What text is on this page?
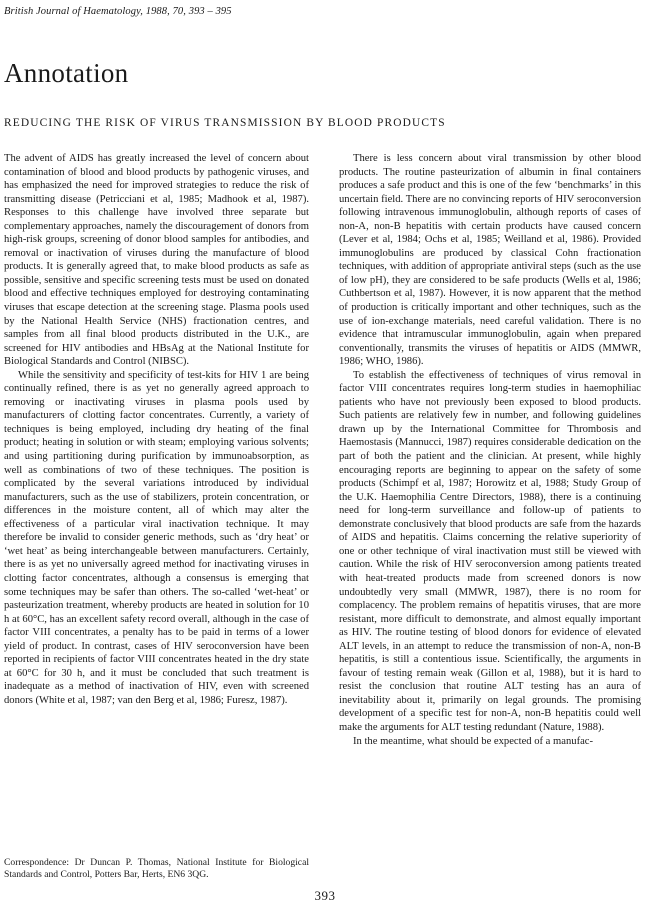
British Journal of Haematology, 1988, 70, 393 – 395
Annotation
REDUCING THE RISK OF VIRUS TRANSMISSION BY BLOOD PRODUCTS

The advent of AIDS has greatly increased the level of concern about contamination of blood and blood products by pathogenic viruses, and has emphasized the need for improved strategies to reduce the risk of transmitting disease (Petricciani et al, 1985; Madhook et al, 1987). Responses to this challenge have involved three separate but complementary approaches, namely the discouragement of donors from high-risk groups, screening of donor blood samples for antibodies, and removal or inactivation of viruses during the manufacture of blood products. It is generally agreed that, to make blood products as safe as possible, sensitive and specific screening tests must be used on donated blood and effective techniques employed for destroying contaminating viruses that escape detection at the screening stage. Plasma pools used by the National Health Service (NHS) fractionation centres, and samples from all final blood products distributed in the U.K., are screened for HIV antibodies and HBsAg at the National Institute for Biological Standards and Control (NIBSC).

While the sensitivity and specificity of test-kits for HIV 1 are being continually refined, there is as yet no generally agreed approach to removing or inactivating viruses in plasma pools used by manufacturers of clotting factor concentrates. Currently, a variety of techniques is being employed, including dry heating of the final product; heating in solution or with steam; employing various solvents; and using partitioning during purification by immunoabsorption, as well as combinations of two of these techniques. The position is complicated by the several variations introduced by individual manufacturers, such as the use of stabilizers, protein concentration, or differences in the moisture content, all of which may alter the effectiveness of a particular viral inactivation technique. It may therefore be invalid to consider generic methods, such as ‘dry heat’ or ‘wet heat’ as being interchangeable between manufacturers. Certainly, there is as yet no universally agreed method for inactivating viruses in clotting factor concentrates, although a consensus is emerging that some techniques may be safer than others. The so-called ‘wet-heat’ or pasteurization treatment, whereby products are heated in solution for 10 h at 60°C, has an excellent safety record overall, although in the case of factor VIII concentrates, a penalty has to be paid in terms of a lower yield of product. In contrast, cases of HIV seroconversion have been reported in recipients of factor VIII concentrates heated in the dry state at 60°C for 30 h, and it must be concluded that such treatment is inadequate as a method of inactivation of HIV, even with screened donors (White et al, 1987; van den Berg et al, 1986; Furesz, 1987).

Correspondence: Dr Duncan P. Thomas, National Institute for Biological Standards and Control, Potters Bar, Herts, EN6 3QG.

There is less concern about viral transmission by other blood products. The routine pasteurization of albumin in final containers produces a safe product and this is one of the few ‘benchmarks’ in this uncertain field. There are no convincing reports of HIV seroconversion following intravenous immunoglobulin, although reports of cases of non-A, non-B hepatitis with certain products have caused concern (Lever et al, 1984; Ochs et al, 1985; Weilland et al, 1986). Provided immunoglobulins are produced by classical Cohn fractionation techniques, with addition of appropriate antiviral steps (such as the use of low pH), they are considered to be safe products (Wells et al, 1986; Cuthbertson et al, 1987). However, it is now apparent that the method of production is critically important and other techniques, such as the use of ion-exchange materials, need careful validation. There is no evidence that intramuscular immunoglobulin, again when prepared conventionally, transmits the viruses of hepatitis or AIDS (MMWR, 1986; WHO, 1986).

To establish the effectiveness of techniques of virus removal in factor VIII concentrates requires long-term studies in haemophiliac patients who have not previously been exposed to blood products. Such patients are relatively few in number, and following guidelines drawn up by the International Committee for Thrombosis and Haemostasis (Mannucci, 1987) requires considerable dedication on the part of both the patient and the clinician. At present, while highly encouraging reports are beginning to appear on the safety of some products (Schimpf et al, 1987; Horowitz et al, 1988; Study Group of the U.K. Haemophilia Centre Directors, 1988), there is a continuing need for long-term surveillance and follow-up of patients to demonstrate conclusively that blood products are safe from the hazards of AIDS and hepatitis. Claims concerning the relative superiority of one or other technique of viral inactivation must still be viewed with caution. While the risk of HIV seroconversion among patients treated with heat-treated products made from screened donors is now undoubtedly very small (MMWR, 1987), there is no room for complacency. The problem remains of hepatitis viruses, that are more resistant, more difficult to demonstrate, and almost equally important as HIV. The routine testing of blood donors for evidence of elevated ALT levels, in an attempt to reduce the transmission of non-A, non-B hepatitis, is still a contentious issue. Scientifically, the arguments in favour of testing remain weak (Gillon et al, 1988), but it is hard to resist the conclusion that routine ALT testing has an aura of inevitability about it, primarily on legal grounds. The promising development of a specific test for non-A, non-B hepatitis could well make the arguments for ALT testing redundant (Nature, 1988).

In the meantime, what should be expected of a manufac-

393
